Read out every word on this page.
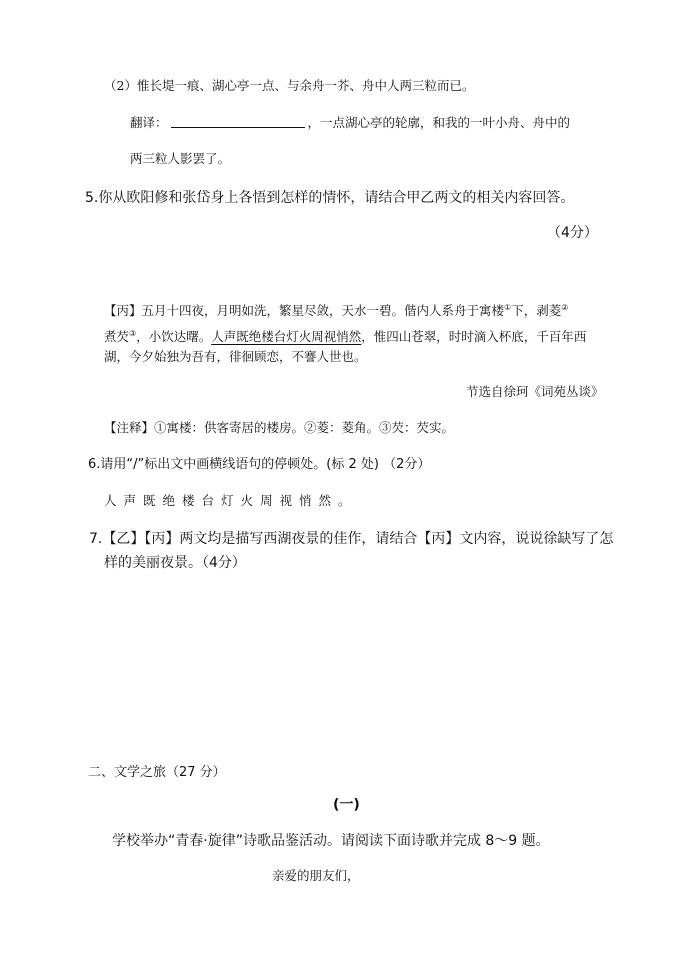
（2）惟长堤一痕、湖心亭一点、与余舟一芥、舟中人两三粒而已。
翻译：	，一点湖心亭的轮廓，和我的一叶小舟、舟中的
两三粒人影罢了。
5.你从欧阳修和张岱身上各悟到怎样的情怀，请结合甲乙两文的相关内容回答。
（4分）
【丙】五月十四夜，月明如洗，繁星尽敛，天水一碧。偕内人系舟于寓楼①下，剥菱②
煮芡③，小饮达曙。人声既绝楼台灯火周视悄然，惟四山苍翠，时时滴入杯底，千百年西
湖，今夕始独为吾有，徘徊顾恋，不謇人世也。
节选自徐珂《词苑丛谈》
【注释】①寓楼：供客寄居的楼房。②菱：菱角。③芡：芡实。
6.请用“/”标出文中画横线语句的停顿处。(标 2 处) （2分）
人声既绝楼台灯火周视悄然。
7.【乙】【丙】两文均是描写西湖夜景的佳作，请结合【丙】文内容，说说徐缺写了怎
样的美丽夜景。（4分）
二、文学之旅（27 分）
(一)
学校举办“青春·旋律”诗歌品鉴活动。请阅读下面诗歌并完成 8～9 题。
亲爱的朋友们，
